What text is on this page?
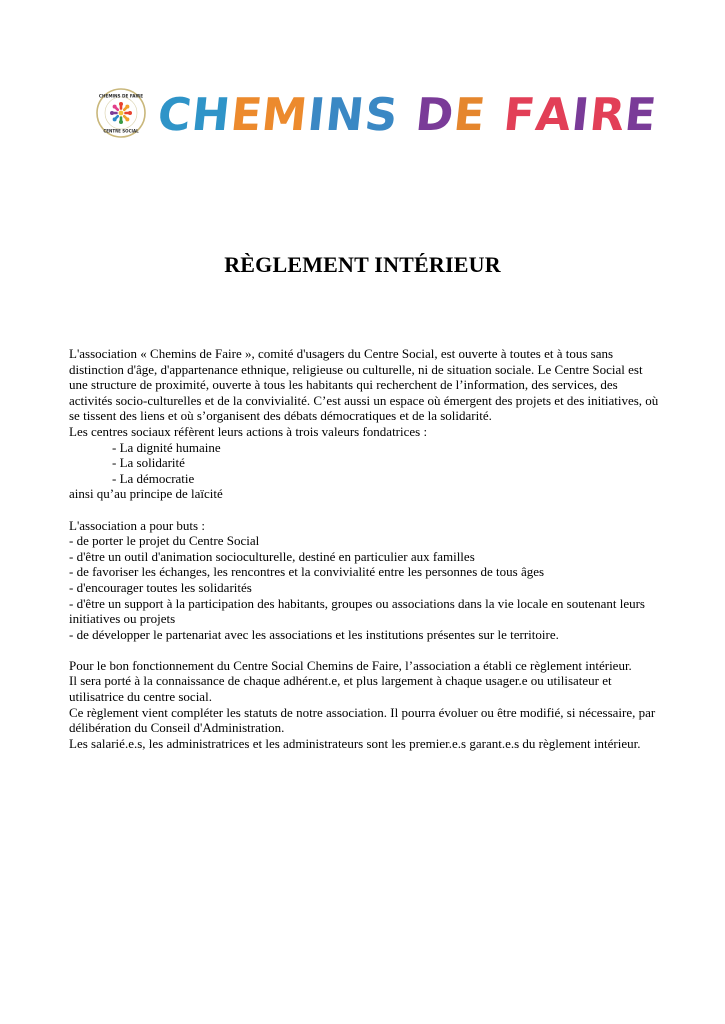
CHEMINS DE FAIRE
CENTRE SOCIAL C
H
E
M
I
N
S D
E F
A
I
R
E
RÈGLEMENT INTÉRIEUR

L'association « Chemins de Faire », comité d'usagers du Centre Social, est ouverte à toutes et à tous sans distinction d'âge, d'appartenance ethnique, religieuse ou culturelle, ni de situation sociale. Le Centre Social est une structure de proximité, ouverte à tous les habitants qui recherchent de l’information, des services, des activités socio-culturelles et de la convivialité. C’est aussi un espace où émergent des projets et des initiatives, où se tissent des liens et où s’organisent des débats démocratiques et de la solidarité.

Les centres sociaux réfèrent leurs actions à trois valeurs fondatrices :

- La dignité humaine

- La solidarité

- La démocratie

ainsi qu’au principe de laïcité

L'association a pour buts :

- de porter le projet du Centre Social

- d'être un outil d'animation socioculturelle, destiné en particulier aux familles

- de favoriser les échanges, les rencontres et la convivialité entre les personnes de tous âges

- d'encourager toutes les solidarités

- d'être un support à la participation des habitants, groupes ou associations dans la vie locale en soutenant leurs initiatives ou projets

- de développer le partenariat avec les associations et les institutions présentes sur le territoire.

Pour le bon fonctionnement du Centre Social Chemins de Faire, l’association a établi ce règlement intérieur.

Il sera porté à la connaissance de chaque adhérent.e, et plus largement à chaque usager.e ou utilisateur et utilisatrice du centre social.

Ce règlement vient compléter les statuts de notre association. Il pourra évoluer ou être modifié, si nécessaire, par délibération du Conseil d'Administration.

Les salarié.e.s, les administratrices et les administrateurs sont les premier.e.s garant.e.s du règlement intérieur.
